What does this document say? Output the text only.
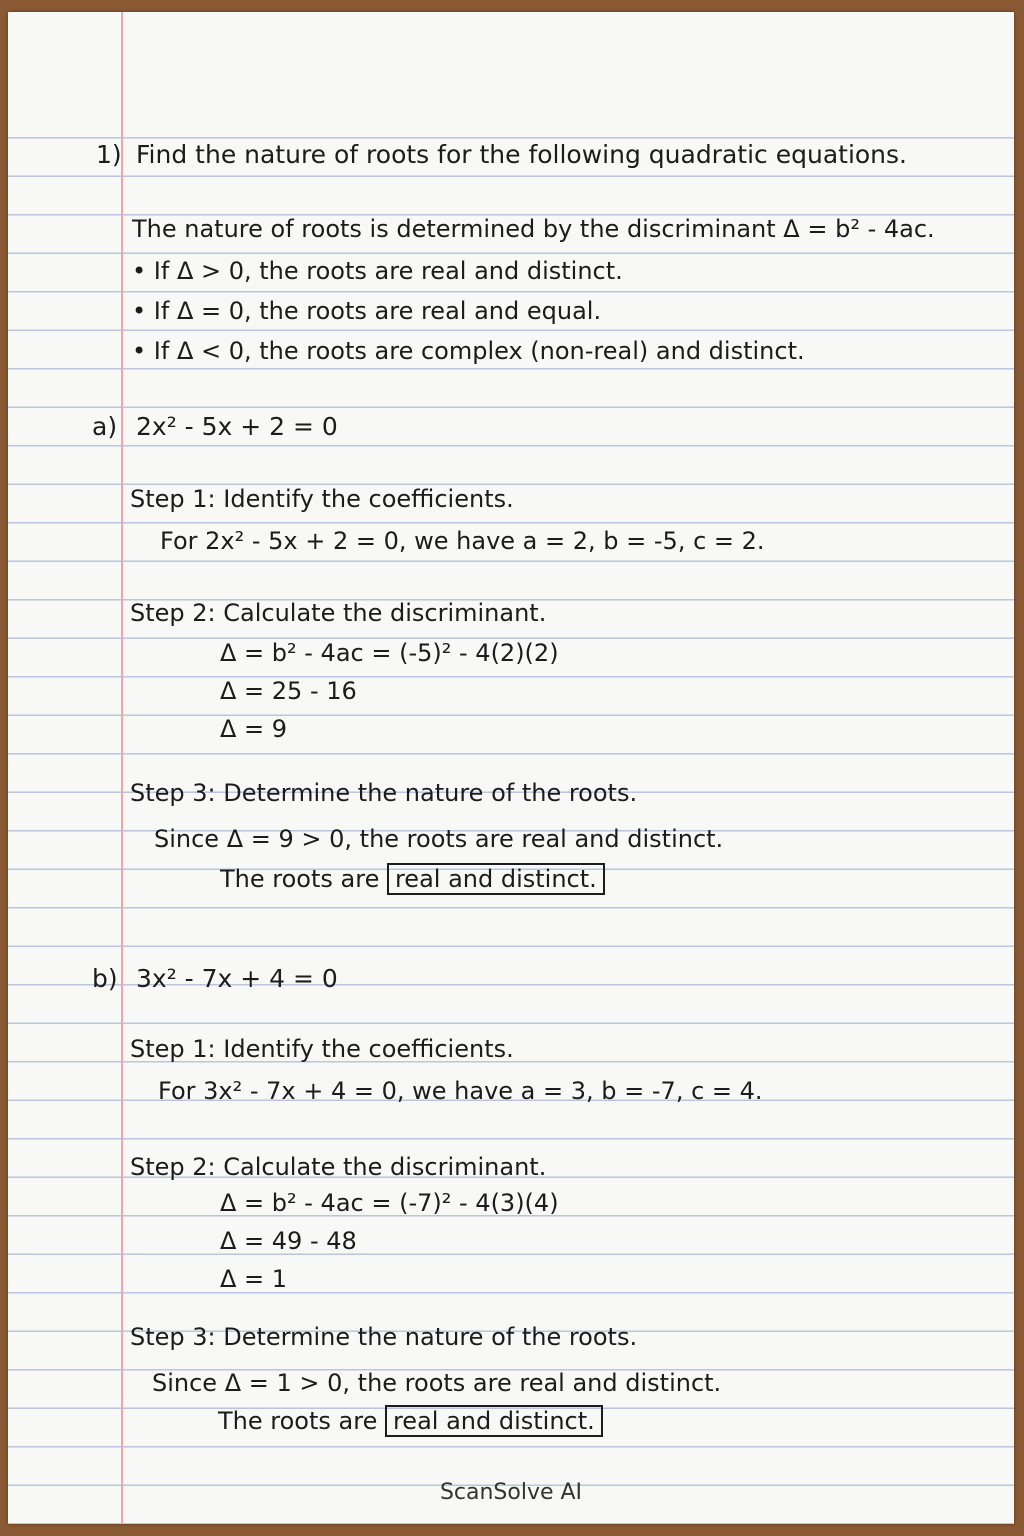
1) Find the nature of roots for the following quadratic equations.
The nature of roots is determined by the discriminant Δ = b² - 4ac.
• If Δ > 0, the roots are real and distinct.
• If Δ = 0, the roots are real and equal.
• If Δ < 0, the roots are complex (non-real) and distinct.
a) 2x² - 5x + 2 = 0
Step 1: Identify the coefficients.
For 2x² - 5x + 2 = 0, we have a = 2, b = -5, c = 2.
Step 2: Calculate the discriminant.
Δ = b² - 4ac = (-5)² - 4(2)(2)
Δ = 25 - 16
Δ = 9
Step 3: Determine the nature of the roots.
Since Δ = 9 > 0, the roots are real and distinct.
The roots are real and distinct.
b) 3x² - 7x + 4 = 0
Step 1: Identify the coefficients.
For 3x² - 7x + 4 = 0, we have a = 3, b = -7, c = 4.
Step 2: Calculate the discriminant.
Δ = b² - 4ac = (-7)² - 4(3)(4)
Δ = 49 - 48
Δ = 1
Step 3: Determine the nature of the roots.
Since Δ = 1 > 0, the roots are real and distinct.
The roots are real and distinct.
ScanSolve AI
